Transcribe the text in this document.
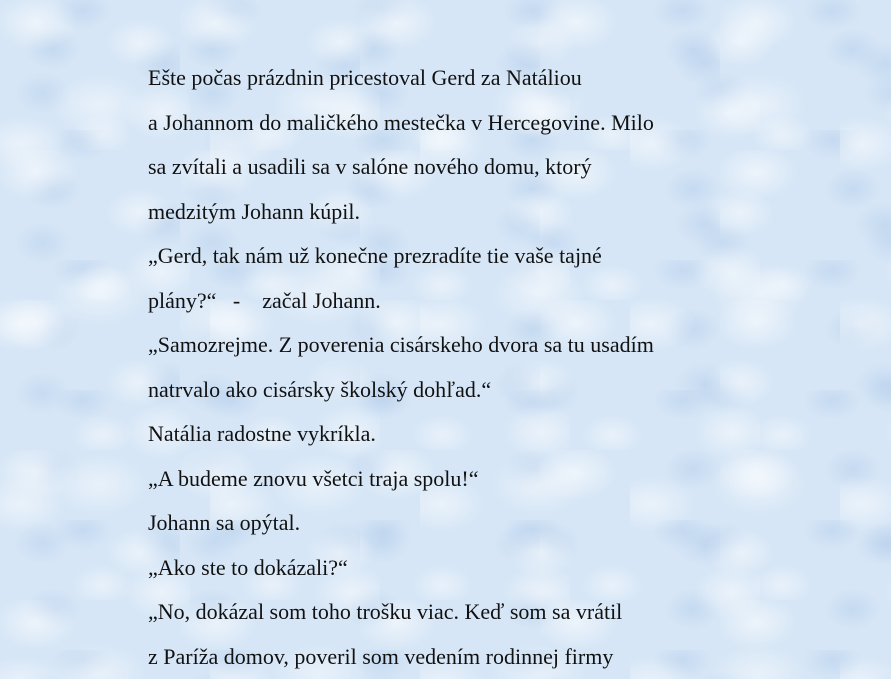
Ešte počas prázdnin pricestoval Gerd za Natáliou

a Johannom do maličkého mestečka v Hercegovine. Milo

sa zvítali a usadili sa v salóne nového domu, ktorý

medzitým Johann kúpil.

„Gerd, tak nám už konečne prezradíte tie vaše tajné

plány?“   -    začal Johann.

„Samozrejme. Z poverenia cisárskeho dvora sa tu usadím

natrvalo ako cisársky školský dohľad.“

Natália radostne vykríkla.

„A budeme znovu všetci traja spolu!“

Johann sa opýtal.

„Ako ste to dokázali?“

„No, dokázal som toho trošku viac. Keď som sa vrátil

z Paríža domov, poveril som vedením rodinnej firmy
